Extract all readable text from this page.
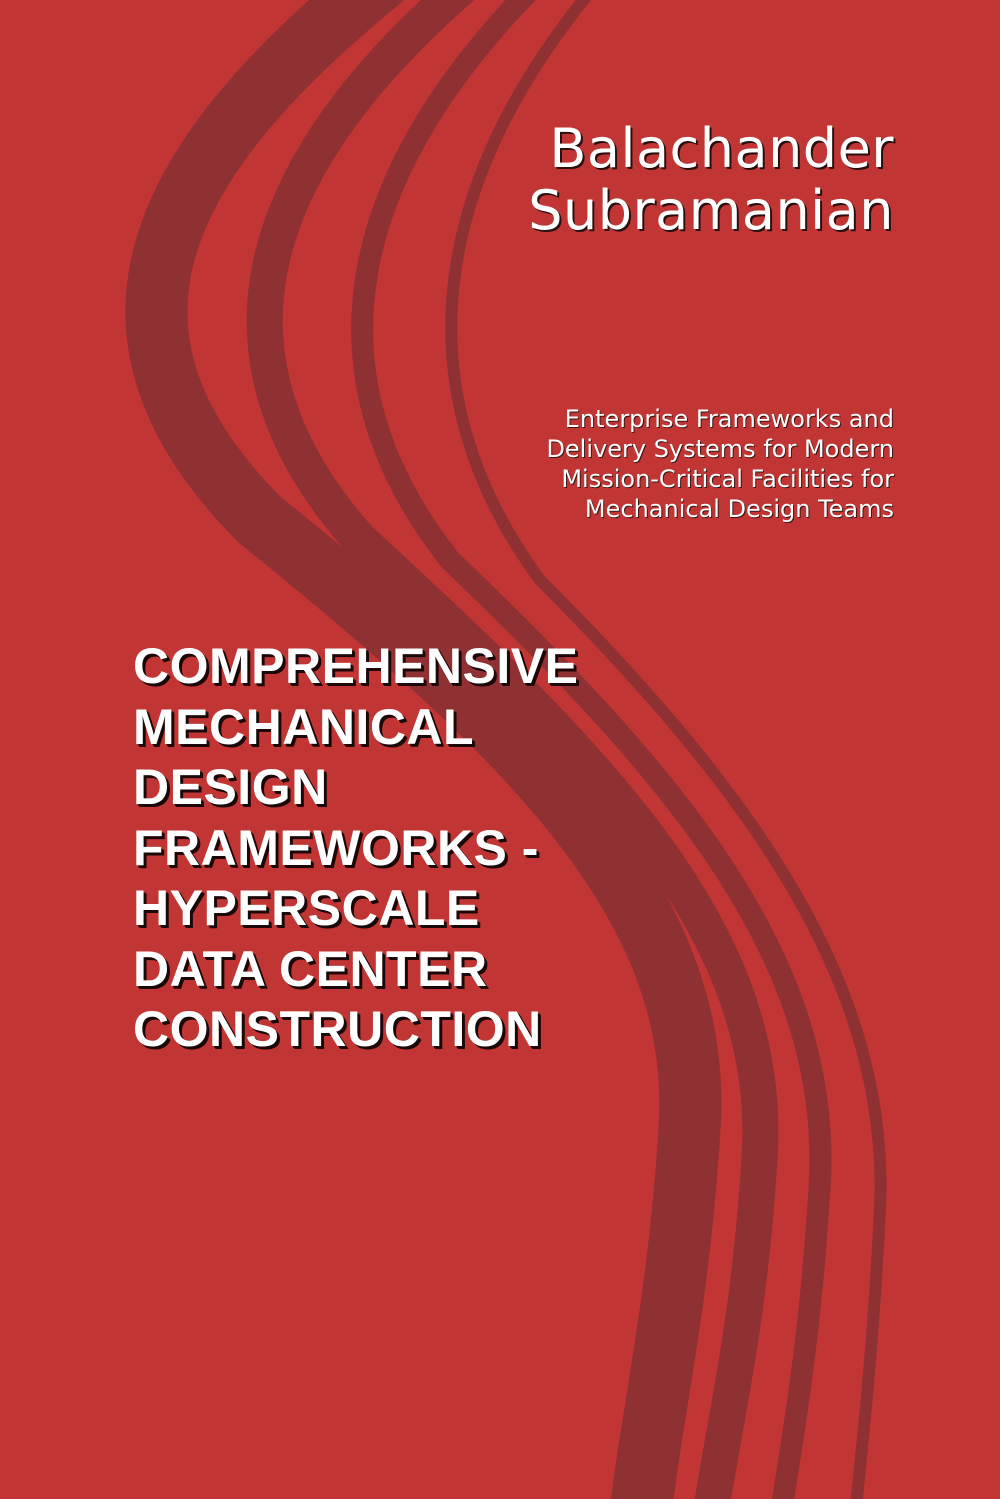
Balachander
Subramanian
Enterprise Frameworks and
Delivery Systems for Modern
Mission-Critical Facilities for
Mechanical Design Teams
COMPREHENSIVE
MECHANICAL
DESIGN
FRAMEWORKS -
HYPERSCALE
DATA CENTER
CONSTRUCTION
